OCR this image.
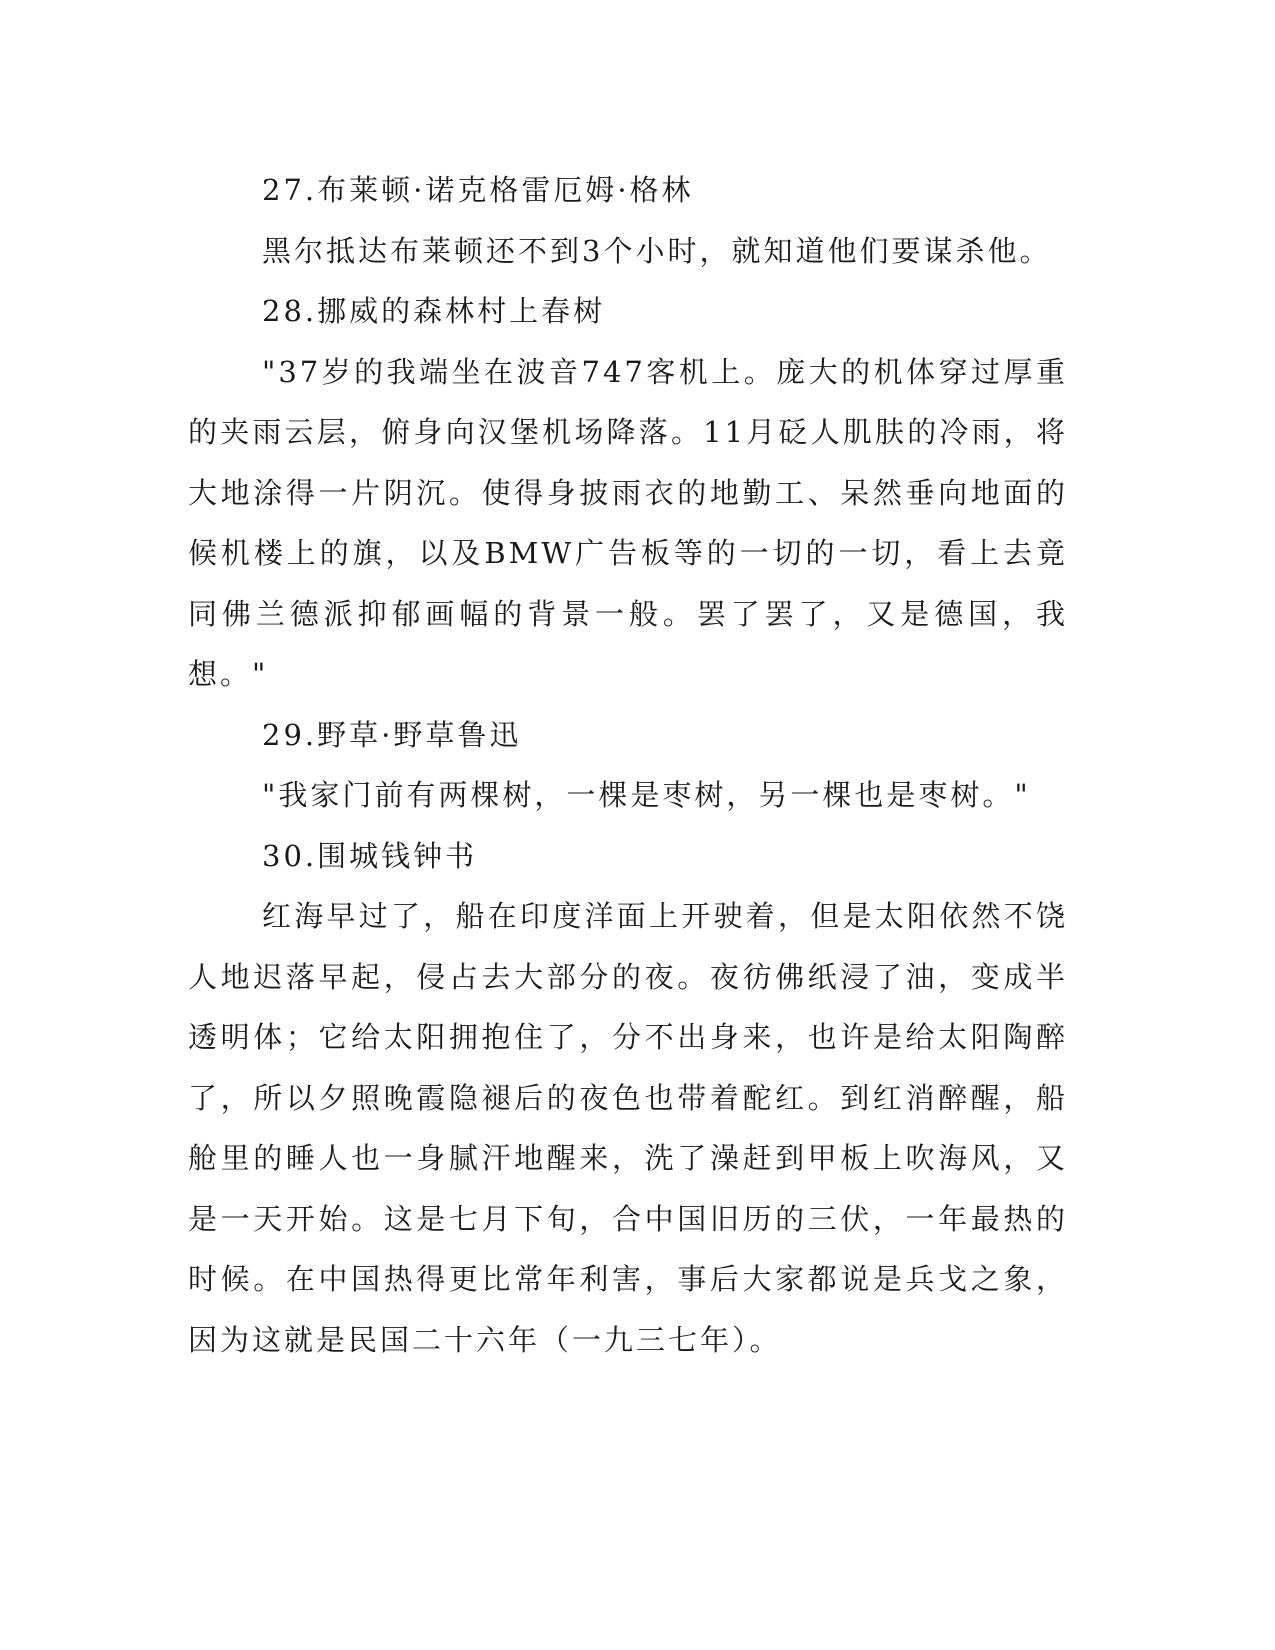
27.布莱顿·诺克格雷厄姆·格林

黑尔抵达布莱顿还不到3个小时，就知道他们要谋杀他。

28.挪威的森林村上春树

"37岁的我端坐在波音747客机上。庞大的机体穿过厚重的夹雨云层，俯身向汉堡机场降落。11月砭人肌肤的冷雨，将大地涂得一片阴沉。使得身披雨衣的地勤工、呆然垂向地面的候机楼上的旗，以及BMW广告板等的一切的一切，看上去竟同佛兰德派抑郁画幅的背景一般。罢了罢了，又是德国，我想。"

29.野草·野草鲁迅

"我家门前有两棵树，一棵是枣树，另一棵也是枣树。"

30.围城钱钟书

红海早过了，船在印度洋面上开驶着，但是太阳依然不饶人地迟落早起，侵占去大部分的夜。夜彷佛纸浸了油，变成半透明体；它给太阳拥抱住了，分不出身来，也许是给太阳陶醉了，所以夕照晚霞隐褪后的夜色也带着酡红。到红消醉醒，船舱里的睡人也一身腻汗地醒来，洗了澡赶到甲板上吹海风，又是一天开始。这是七月下旬，合中国旧历的三伏，一年最热的时候。在中国热得更比常年利害，事后大家都说是兵戈之象，因为这就是民国二十六年（一九三七年）。
